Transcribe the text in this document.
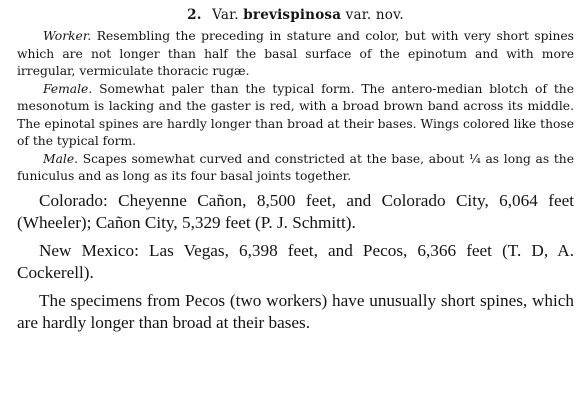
2. Var. brevispinosa var. nov.

Worker. Resembling the preceding in stature and color, but with very short spines which are not longer than half the basal surface of the epinotum and with more irregular, vermiculate thoracic rugæ.

Female. Somewhat paler than the typical form. The antero-median blotch of the mesonotum is lacking and the gaster is red, with a broad brown band across its middle. The epinotal spines are hardly longer than broad at their bases. Wings colored like those of the typical form.

Male. Scapes somewhat curved and constricted at the base, about ¼ as long as the funiculus and as long as its four basal joints together.

Colorado: Cheyenne Cañon, 8,500 feet, and Colorado City, 6,064 feet (Wheeler); Cañon City, 5,329 feet (P. J. Schmitt).

New Mexico: Las Vegas, 6,398 feet, and Pecos, 6,366 feet (T. D, A. Cockerell).

The specimens from Pecos (two workers) have unusually short spines, which are hardly longer than broad at their bases.
